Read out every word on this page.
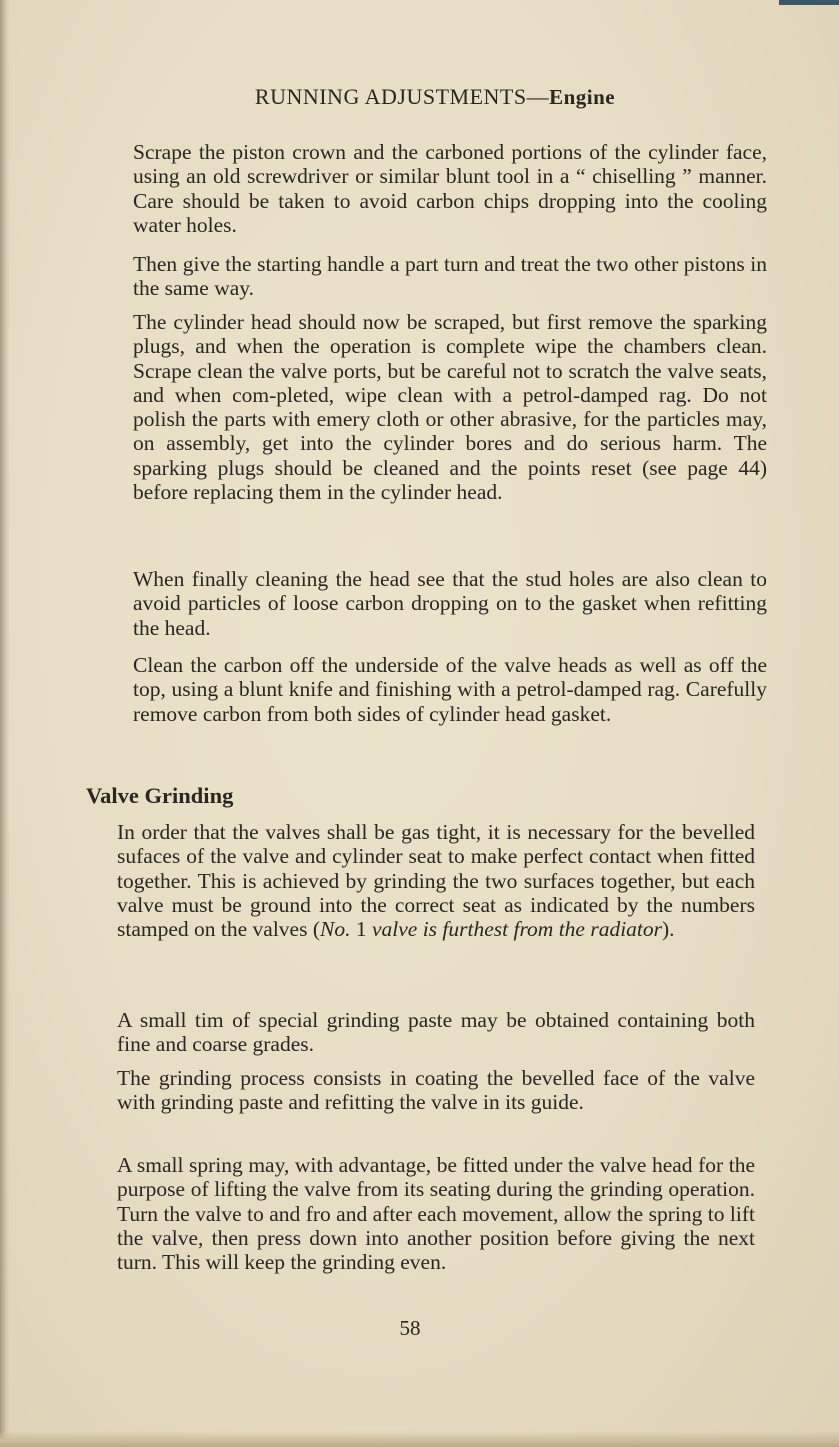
RUNNING ADJUSTMENTS—Engine

Scrape the piston crown and the carboned portions of the cylinder face, using an old screwdriver or similar blunt tool in a “ chiselling ” manner. Care should be taken to avoid carbon chips dropping into the cooling water holes.

Then give the starting handle a part turn and treat the two other pistons in the same way.

The cylinder head should now be scraped, but first remove the sparking plugs, and when the operation is complete wipe the chambers clean. Scrape clean the valve ports, but be careful not to scratch the valve seats, and when com-pleted, wipe clean with a petrol-damped rag. Do not polish the parts with emery cloth or other abrasive, for the particles may, on assembly, get into the cylinder bores and do serious harm. The sparking plugs should be cleaned and the points reset (see page 44) before replacing them in the cylinder head.

When finally cleaning the head see that the stud holes are also clean to avoid particles of loose carbon dropping on to the gasket when refitting the head.

Clean the carbon off the underside of the valve heads as well as off the top, using a blunt knife and finishing with a petrol-damped rag. Carefully remove carbon from both sides of cylinder head gasket.

Valve Grinding

In order that the valves shall be gas tight, it is necessary for the bevelled sufaces of the valve and cylinder seat to make perfect contact when fitted together. This is achieved by grinding the two surfaces together, but each valve must be ground into the correct seat as indicated by the numbers stamped on the valves (No. 1 valve is furthest from the radiator).

A small tim of special grinding paste may be obtained containing both fine and coarse grades.

The grinding process consists in coating the bevelled face of the valve with grinding paste and refitting the valve in its guide.

A small spring may, with advantage, be fitted under the valve head for the purpose of lifting the valve from its seating during the grinding operation. Turn the valve to and fro and after each movement, allow the spring to lift the valve, then press down into another position before giving the next turn. This will keep the grinding even.

58
